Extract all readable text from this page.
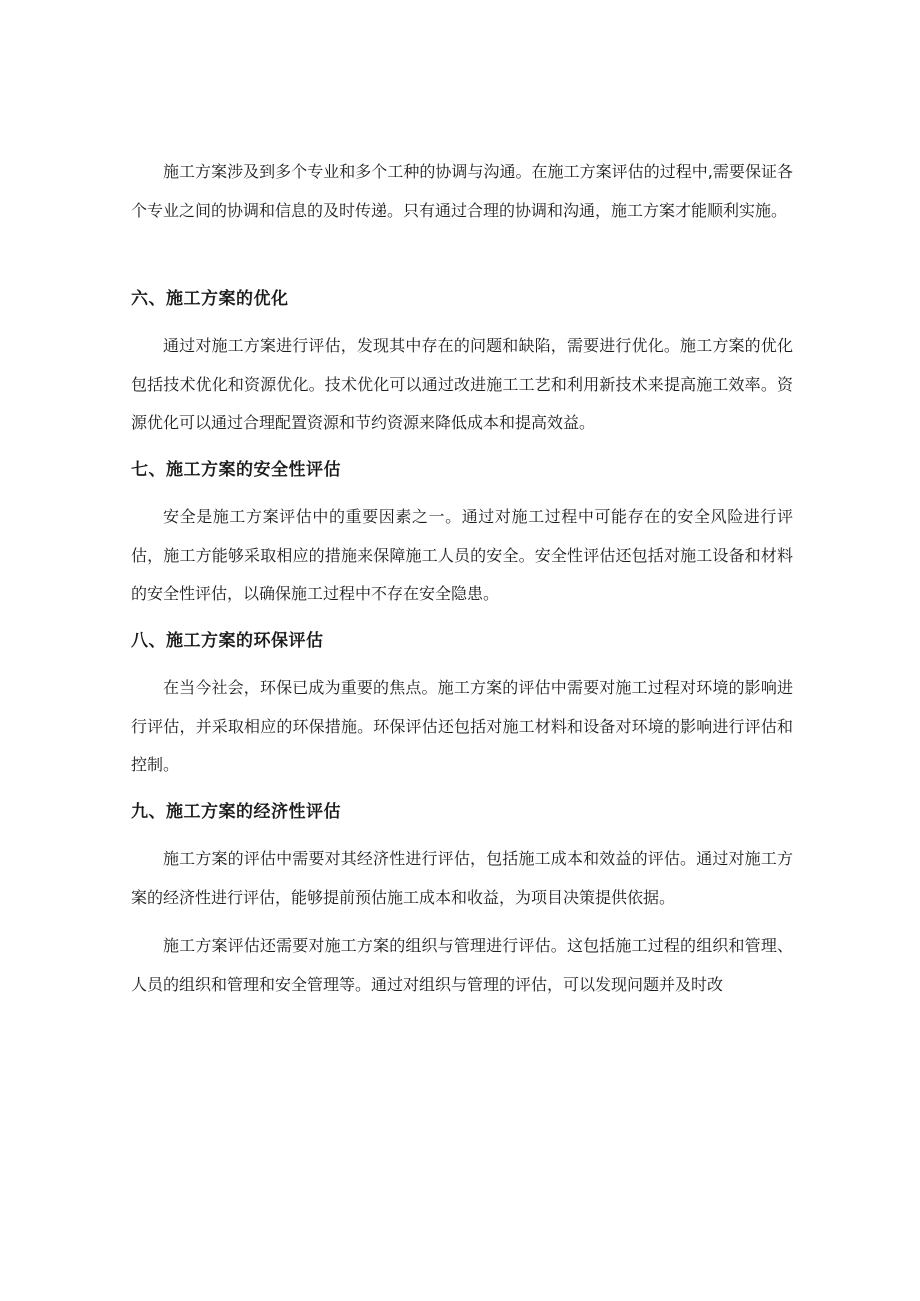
施工方案涉及到多个专业和多个工种的协调与沟通。在施工方案评估的过程中,需要保证各个专业之间的协调和信息的及时传递。只有通过合理的协调和沟通，施工方案才能顺利实施。

六、施工方案的优化

通过对施工方案进行评估，发现其中存在的问题和缺陷，需要进行优化。施工方案的优化包括技术优化和资源优化。技术优化可以通过改进施工工艺和利用新技术来提高施工效率。资源优化可以通过合理配置资源和节约资源来降低成本和提高效益。

七、施工方案的安全性评估

安全是施工方案评估中的重要因素之一。通过对施工过程中可能存在的安全风险进行评估，施工方能够采取相应的措施来保障施工人员的安全。安全性评估还包括对施工设备和材料的安全性评估，以确保施工过程中不存在安全隐患。

八、施工方案的环保评估

在当今社会，环保已成为重要的焦点。施工方案的评估中需要对施工过程对环境的影响进行评估，并采取相应的环保措施。环保评估还包括对施工材料和设备对环境的影响进行评估和控制。

九、施工方案的经济性评估

施工方案的评估中需要对其经济性进行评估，包括施工成本和效益的评估。通过对施工方案的经济性进行评估，能够提前预估施工成本和收益，为项目决策提供依据。

施工方案评估还需要对施工方案的组织与管理进行评估。这包括施工过程的组织和管理、人员的组织和管理和安全管理等。通过对组织与管理的评估，可以发现问题并及时改
